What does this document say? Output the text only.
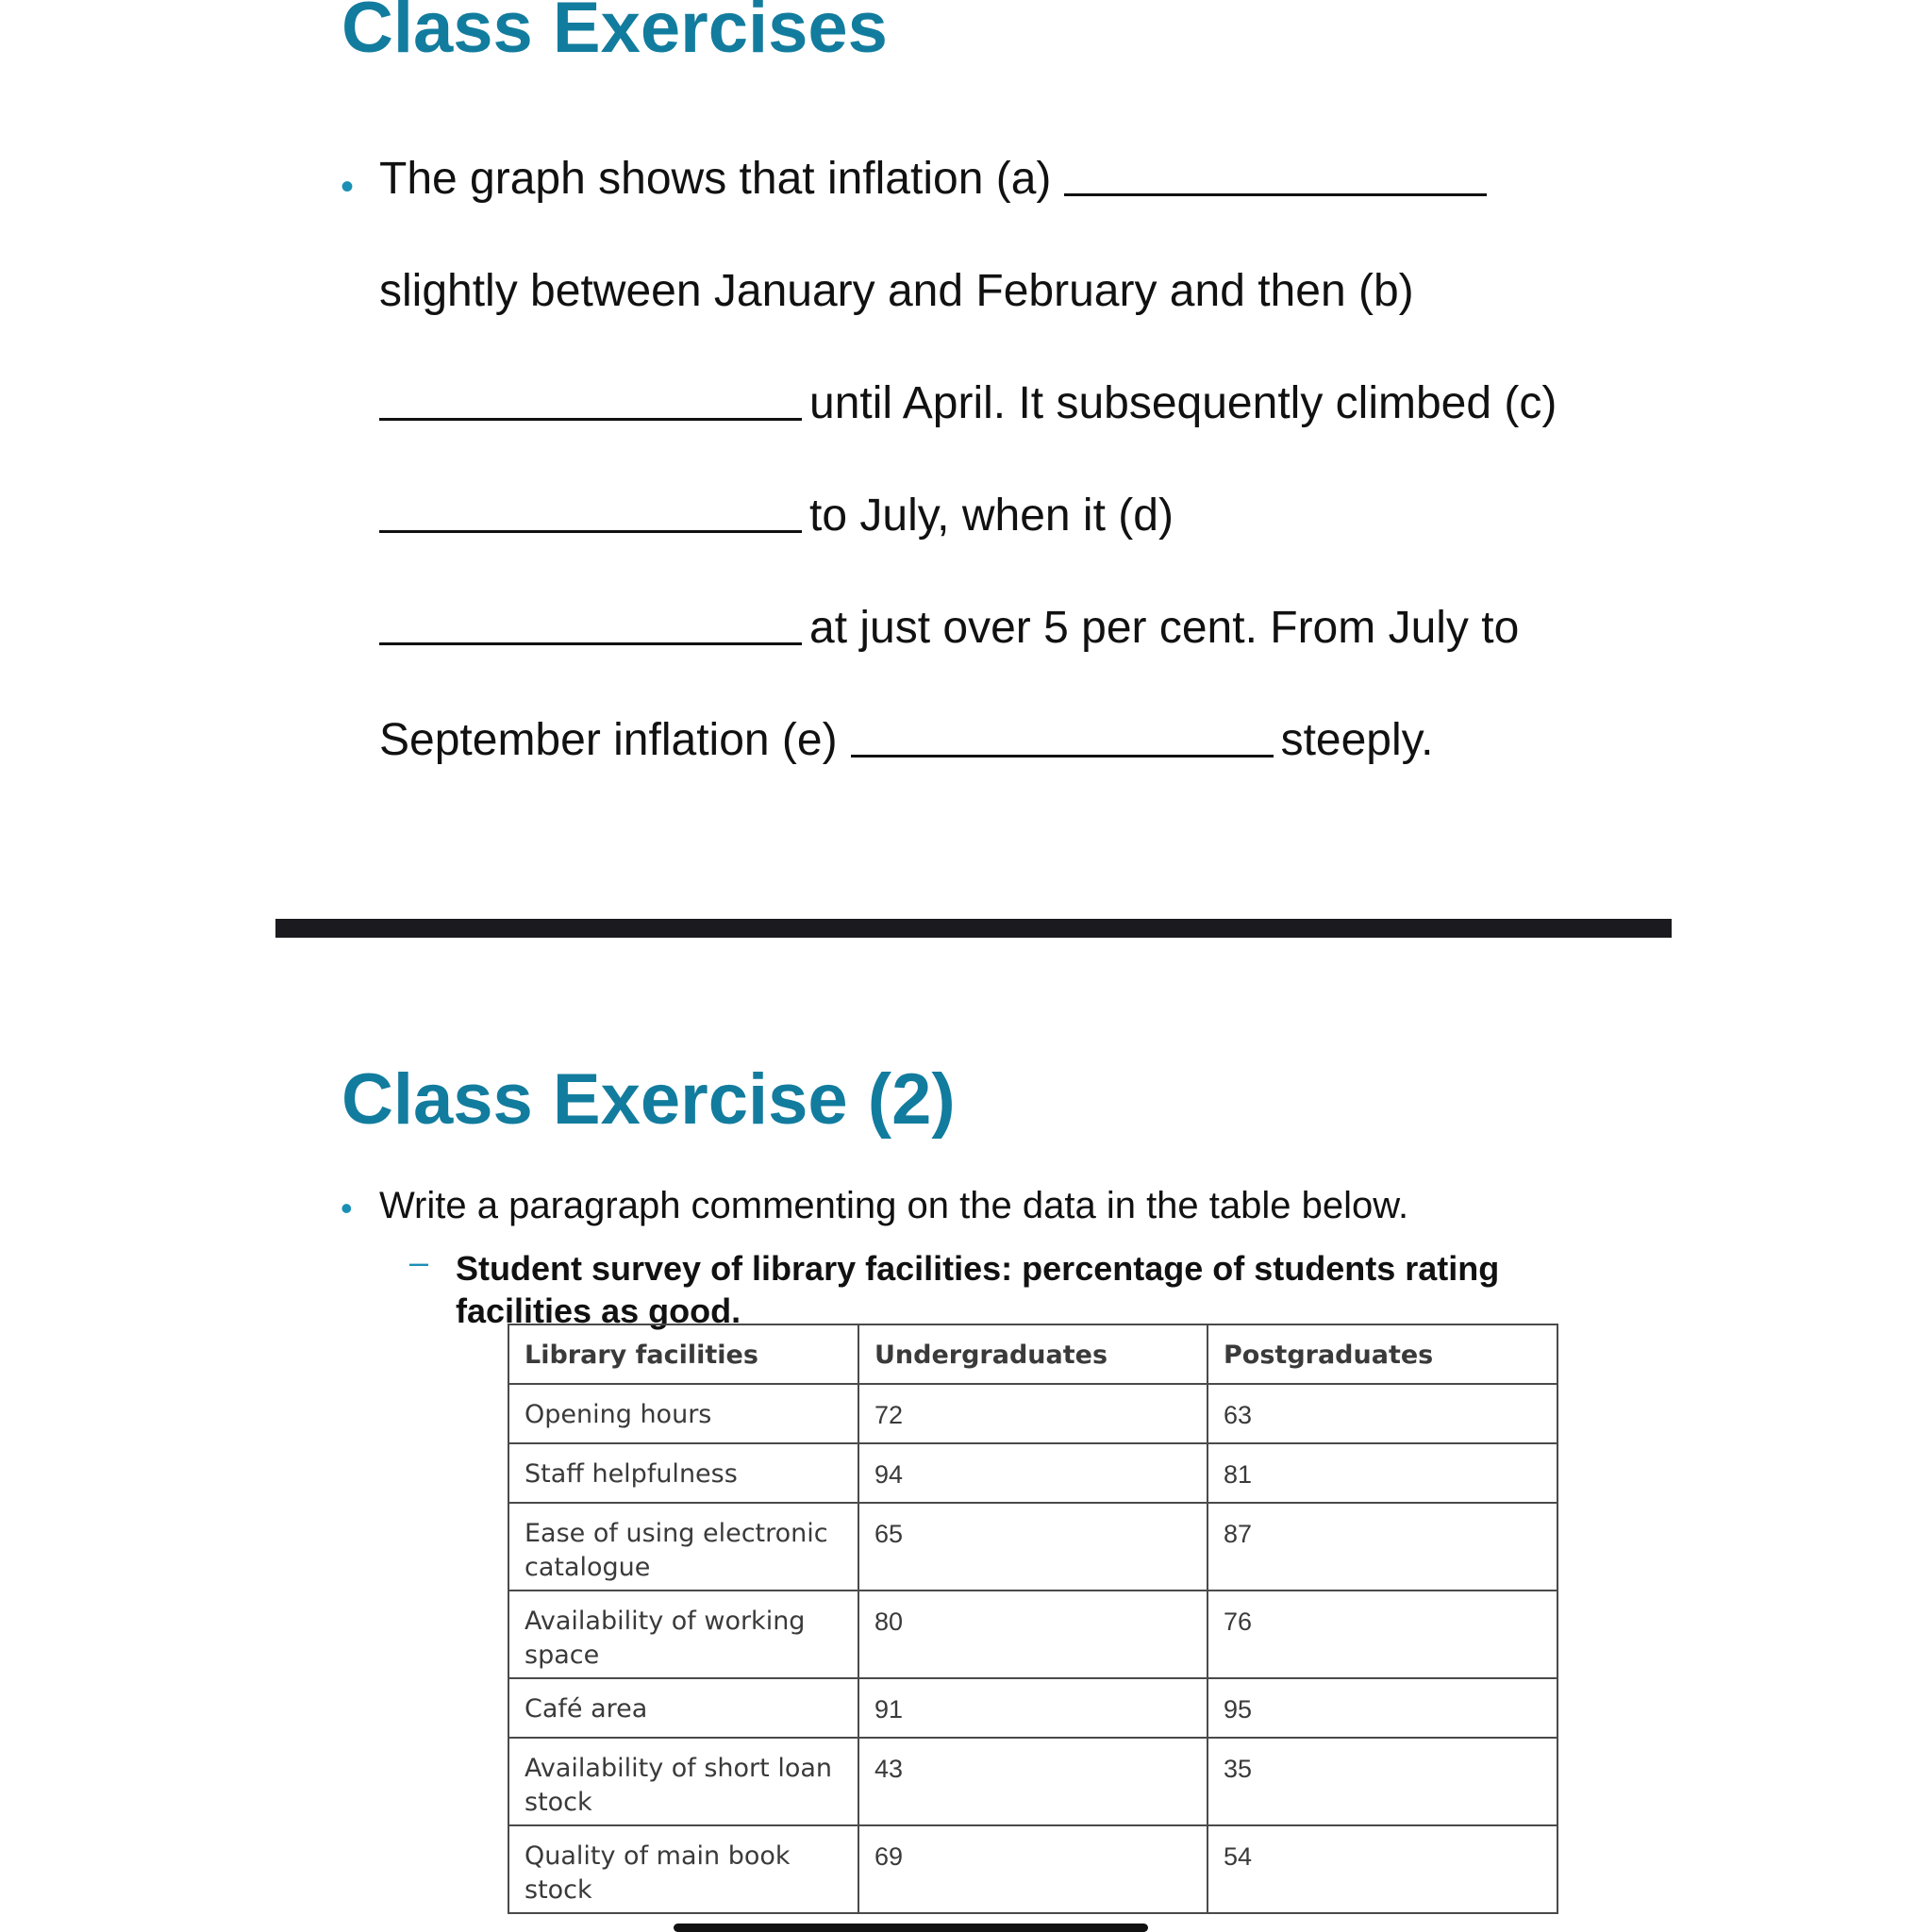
Class Exercises
• The graph shows that inflation (a)
slightly between January and February and then (b)
until April. It subsequently climbed (c)
to July, when it (d)
at just over 5 per cent. From July to
September inflation (e)	steeply.
Class Exercise (2)
• Write a paragraph commenting on the data in the table below.
– Student survey of library facilities: percentage of students rating facilities as good.
Library facilities	Undergraduates	Postgraduates
Opening hours	72	63
Staff helpfulness	94	81
Ease of using electronic catalogue	65	87
Availability of working space	80	76
Café area	91	95
Availability of short loan stock	43	35
Quality of main book stock	69	54
